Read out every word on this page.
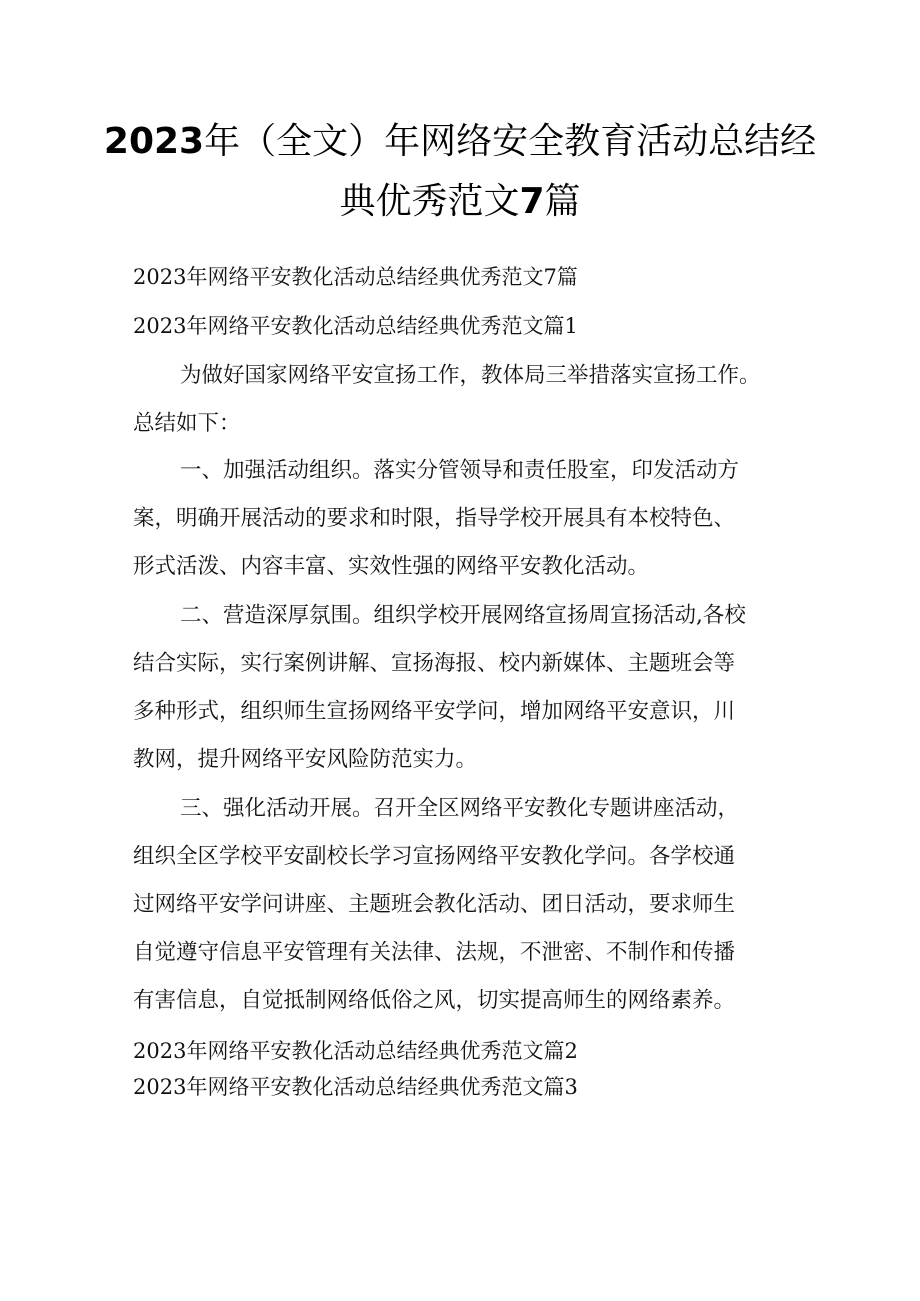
2023年（全文）年网络安全教育活动总结经
典优秀范文7篇
2023年网络平安教化活动总结经典优秀范文7篇
2023年网络平安教化活动总结经典优秀范文篇1
为做好国家网络平安宣扬工作，教体局三举措落实宣扬工作。
总结如下：
一、加强活动组织。落实分管领导和责任股室，印发活动方
案，明确开展活动的要求和时限，指导学校开展具有本校特色、
形式活泼、内容丰富、实效性强的网络平安教化活动。
二、营造深厚氛围。组织学校开展网络宣扬周宣扬活动,各校
结合实际，实行案例讲解、宣扬海报、校内新媒体、主题班会等
多种形式，组织师生宣扬网络平安学问，增加网络平安意识，川
教网，提升网络平安风险防范实力。
三、强化活动开展。召开全区网络平安教化专题讲座活动，
组织全区学校平安副校长学习宣扬网络平安教化学问。各学校通
过网络平安学问讲座、主题班会教化活动、团日活动，要求师生
自觉遵守信息平安管理有关法律、法规，不泄密、不制作和传播
有害信息，自觉抵制网络低俗之风，切实提高师生的网络素养。
2023年网络平安教化活动总结经典优秀范文篇2
2023年网络平安教化活动总结经典优秀范文篇3
